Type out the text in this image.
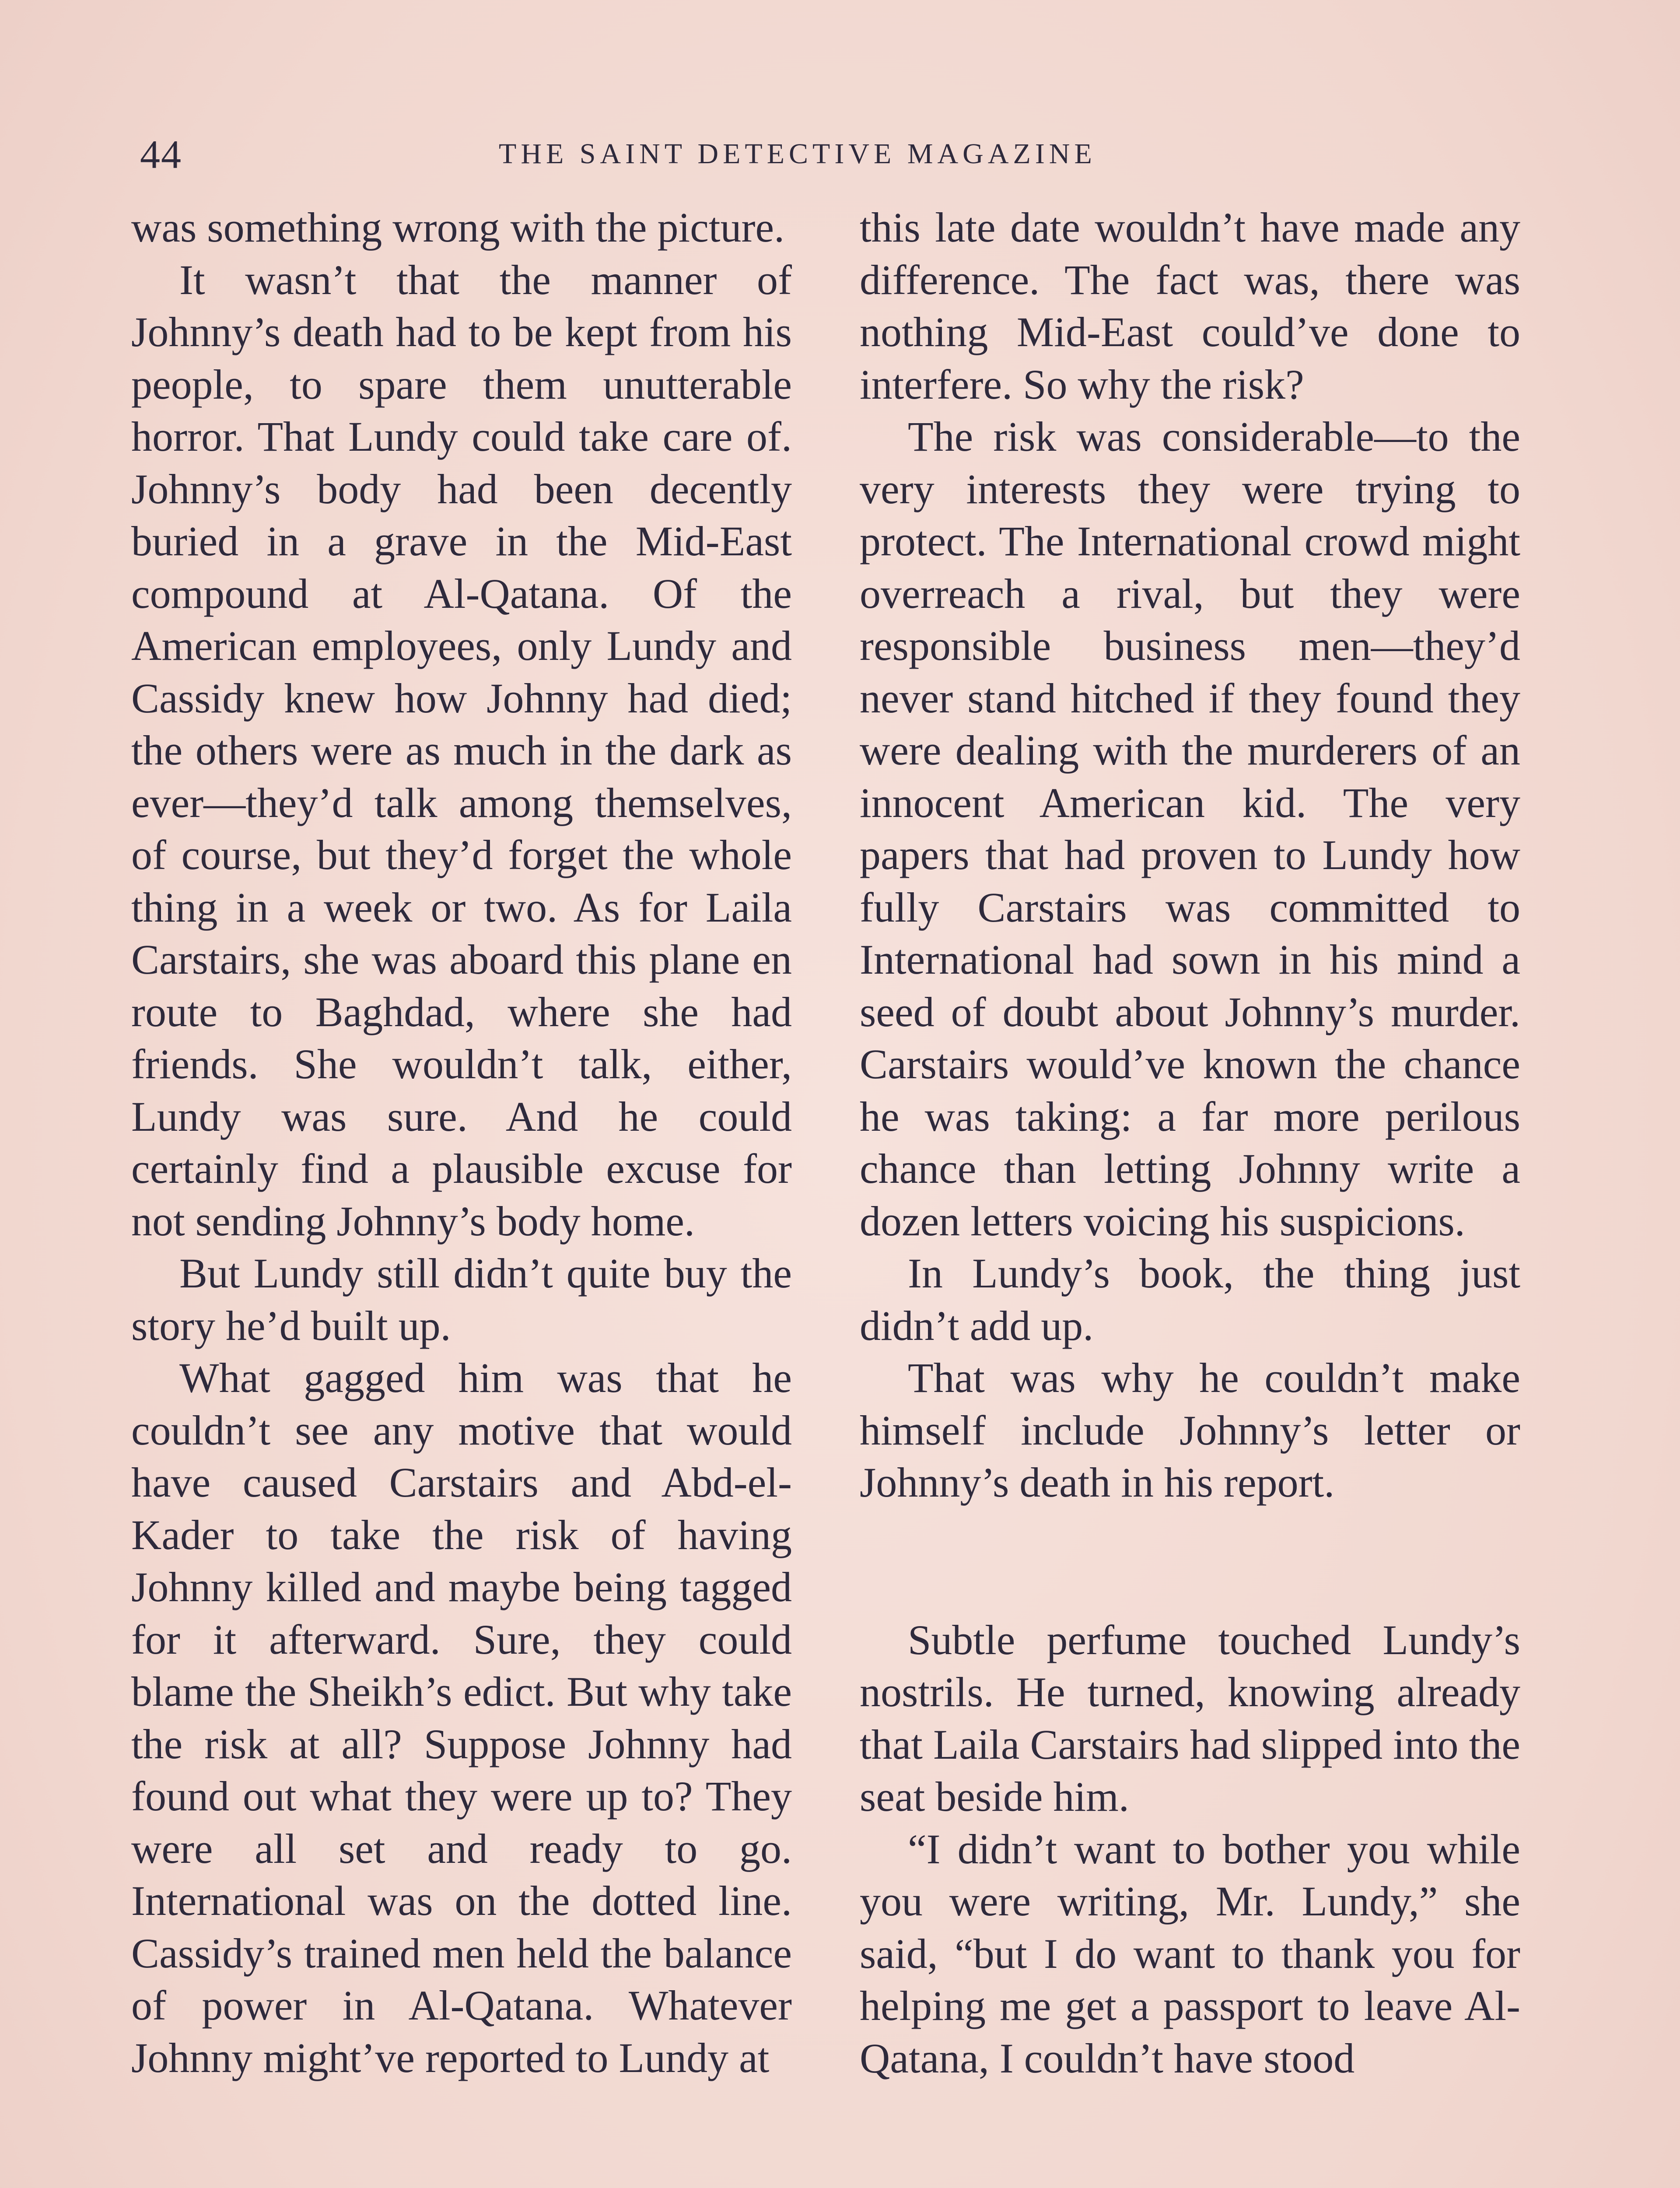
44	THE SAINT DETECTIVE MAGAZINE

was something wrong with the picture.

It wasn’t that the manner of Johnny’s death had to be kept from his people, to spare them unutterable horror. That Lundy could take care of. Johnny’s body had been decently buried in a grave in the Mid-East compound at Al-Qatana. Of the American employees, only Lundy and Cassidy knew how Johnny had died; the others were as much in the dark as ever—they’d talk among themselves, of course, but they’d forget the whole thing in a week or two. As for Laila Carstairs, she was aboard this plane en route to Baghdad, where she had friends. She wouldn’t talk, either, Lundy was sure. And he could certainly find a plausible excuse for not sending Johnny’s body home.

But Lundy still didn’t quite buy the story he’d built up.

What gagged him was that he couldn’t see any motive that would have caused Carstairs and Abd-el-Kader to take the risk of having Johnny killed and maybe being tagged for it afterward. Sure, they could blame the Sheikh’s edict. But why take the risk at all? Suppose Johnny had found out what they were up to? They were all set and ready to go. International was on the dotted line. Cassidy’s trained men held the balance of power in Al-Qatana. Whatever Johnny might’ve reported to Lundy at

this late date wouldn’t have made any difference. The fact was, there was nothing Mid-East could’ve done to interfere. So why the risk?

The risk was considerable—to the very interests they were trying to protect. The International crowd might overreach a rival, but they were responsible business men—they’d never stand hitched if they found they were dealing with the murderers of an innocent American kid. The very papers that had proven to Lundy how fully Carstairs was committed to International had sown in his mind a seed of doubt about Johnny’s murder. Carstairs would’ve known the chance he was taking: a far more perilous chance than letting Johnny write a dozen letters voicing his suspicions.

In Lundy’s book, the thing just didn’t add up.

That was why he couldn’t make himself include Johnny’s letter or Johnny’s death in his report.

Subtle perfume touched Lundy’s nostrils. He turned, knowing already that Laila Carstairs had slipped into the seat beside him.

“I didn’t want to bother you while you were writing, Mr. Lundy,” she said, “but I do want to thank you for helping me get a passport to leave Al-Qatana, I couldn’t have stood
